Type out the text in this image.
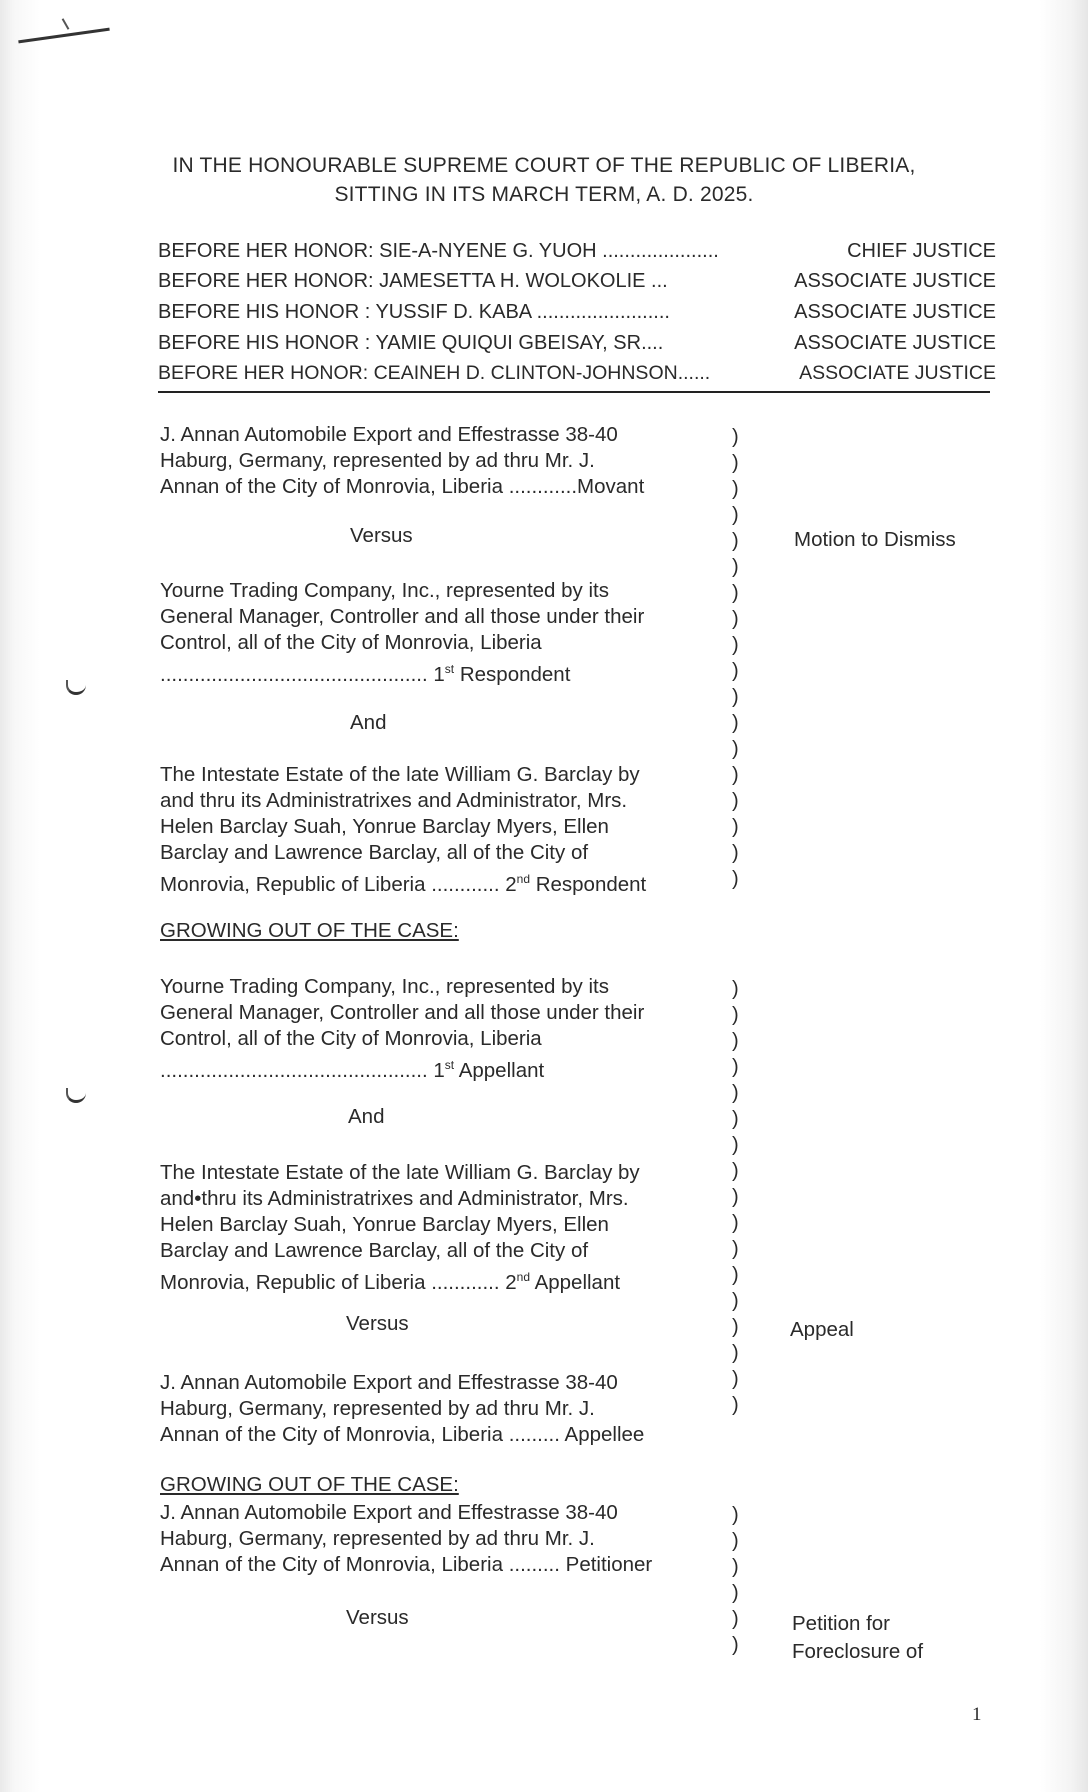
IN THE HONOURABLE SUPREME COURT OF THE REPUBLIC OF LIBERIA,
SITTING IN ITS MARCH TERM, A. D. 2025.
BEFORE HER HONOR: SIE-A-NYENE G. YUOH .....................	CHIEF JUSTICE
BEFORE HER HONOR: JAMESETTA H. WOLOKOLIE ...	ASSOCIATE JUSTICE
BEFORE HIS HONOR : YUSSIF D. KABA ........................	ASSOCIATE JUSTICE
BEFORE HIS HONOR : YAMIE QUIQUI GBEISAY, SR....	ASSOCIATE JUSTICE
BEFORE HER HONOR: CEAINEH D. CLINTON-JOHNSON......	ASSOCIATE JUSTICE
J. Annan Automobile Export and Effestrasse 38-40
Haburg, Germany, represented by ad thru Mr. J.
Annan of the City of Monrovia, Liberia ............Movant
Versus
Yourne Trading Company, Inc., represented by its
General Manager, Controller and all those under their
Control, all of the City of Monrovia, Liberia
............................................... 1st Respondent
And
The Intestate Estate of the late William G. Barclay by
and thru its Administratrixes and Administrator, Mrs.
Helen Barclay Suah, Yonrue Barclay Myers, Ellen
Barclay and Lawrence Barclay, all of the City of
Monrovia, Republic of Liberia ............ 2nd Respondent
Motion to Dismiss
)
)
)
)
)
)
)
)
)
)
)
)
)
)
)
)
)
)
GROWING OUT OF THE CASE:
Yourne Trading Company, Inc., represented by its
General Manager, Controller and all those under their
Control, all of the City of Monrovia, Liberia
............................................... 1st Appellant
And
The Intestate Estate of the late William G. Barclay by
and•thru its Administratrixes and Administrator, Mrs.
Helen Barclay Suah, Yonrue Barclay Myers, Ellen
Barclay and Lawrence Barclay, all of the City of
Monrovia, Republic of Liberia ............ 2nd Appellant
Versus
J. Annan Automobile Export and Effestrasse 38-40
Haburg, Germany, represented by ad thru Mr. J.
Annan of the City of Monrovia, Liberia ......... Appellee
Appeal
)
)
)
)
)
)
)
)
)
)
)
)
)
)
)
)
)
GROWING OUT OF THE CASE:
J. Annan Automobile Export and Effestrasse 38-40
Haburg, Germany, represented by ad thru Mr. J.
Annan of the City of Monrovia, Liberia ......... Petitioner
Versus	Petition for
Foreclosure of
)
)
)
)
)
)
1
